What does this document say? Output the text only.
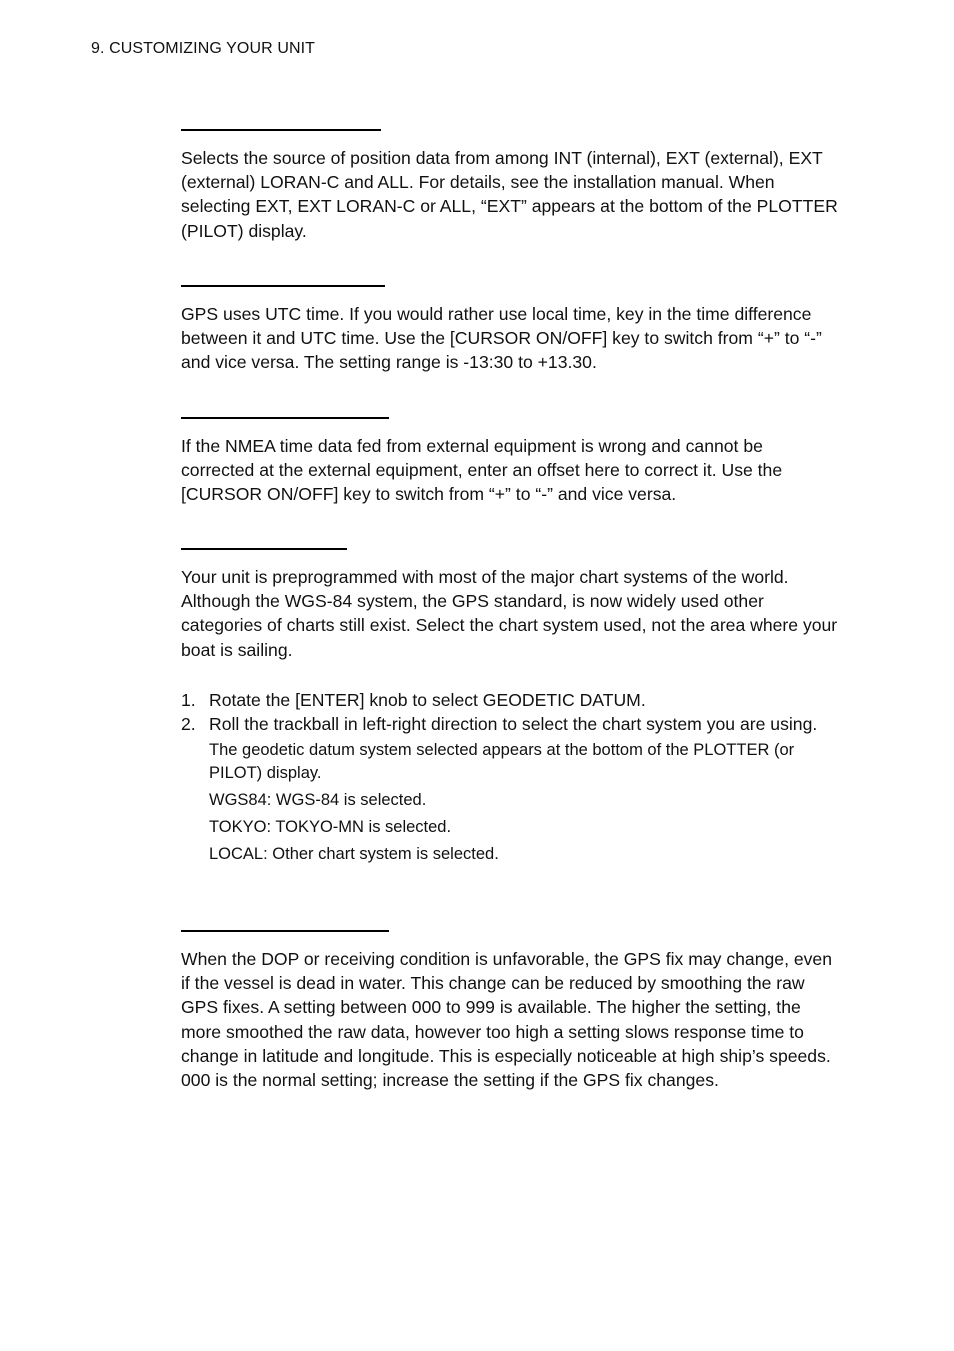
9. CUSTOMIZING YOUR UNIT

Selects the source of position data from among INT (internal), EXT (external), EXT (external) LORAN-C and ALL. For details, see the installation manual. When selecting EXT, EXT LORAN-C or ALL, “EXT” appears at the bottom of the PLOTTER (PILOT) display.

GPS uses UTC time. If you would rather use local time, key in the time difference between it and UTC time. Use the [CURSOR ON/OFF] key to switch from “+” to “-” and vice versa. The setting range is -13:30 to +13.30.

If the NMEA time data fed from external equipment is wrong and cannot be corrected at the external equipment, enter an offset here to correct it. Use the [CURSOR ON/OFF] key to switch from “+” to “-” and vice versa.

Your unit is preprogrammed with most of the major chart systems of the world. Although the WGS-84 system, the GPS standard, is now widely used other categories of charts still exist. Select the chart system used, not the area where your boat is sailing.

1. Rotate the [ENTER] knob to select GEODETIC DATUM.
2. Roll the trackball in left-right direction to select the chart system you are using.

The geodetic datum system selected appears at the bottom of the PLOTTER (or PILOT) display.

WGS84: WGS-84 is selected.

TOKYO: TOKYO-MN is selected.

LOCAL: Other chart system is selected.

When the DOP or receiving condition is unfavorable, the GPS fix may change, even if the vessel is dead in water. This change can be reduced by smoothing the raw GPS fixes. A setting between 000 to 999 is available. The higher the setting, the more smoothed the raw data, however too high a setting slows response time to change in latitude and longitude. This is especially noticeable at high ship’s speeds. 000 is the normal setting; increase the setting if the GPS fix changes.
